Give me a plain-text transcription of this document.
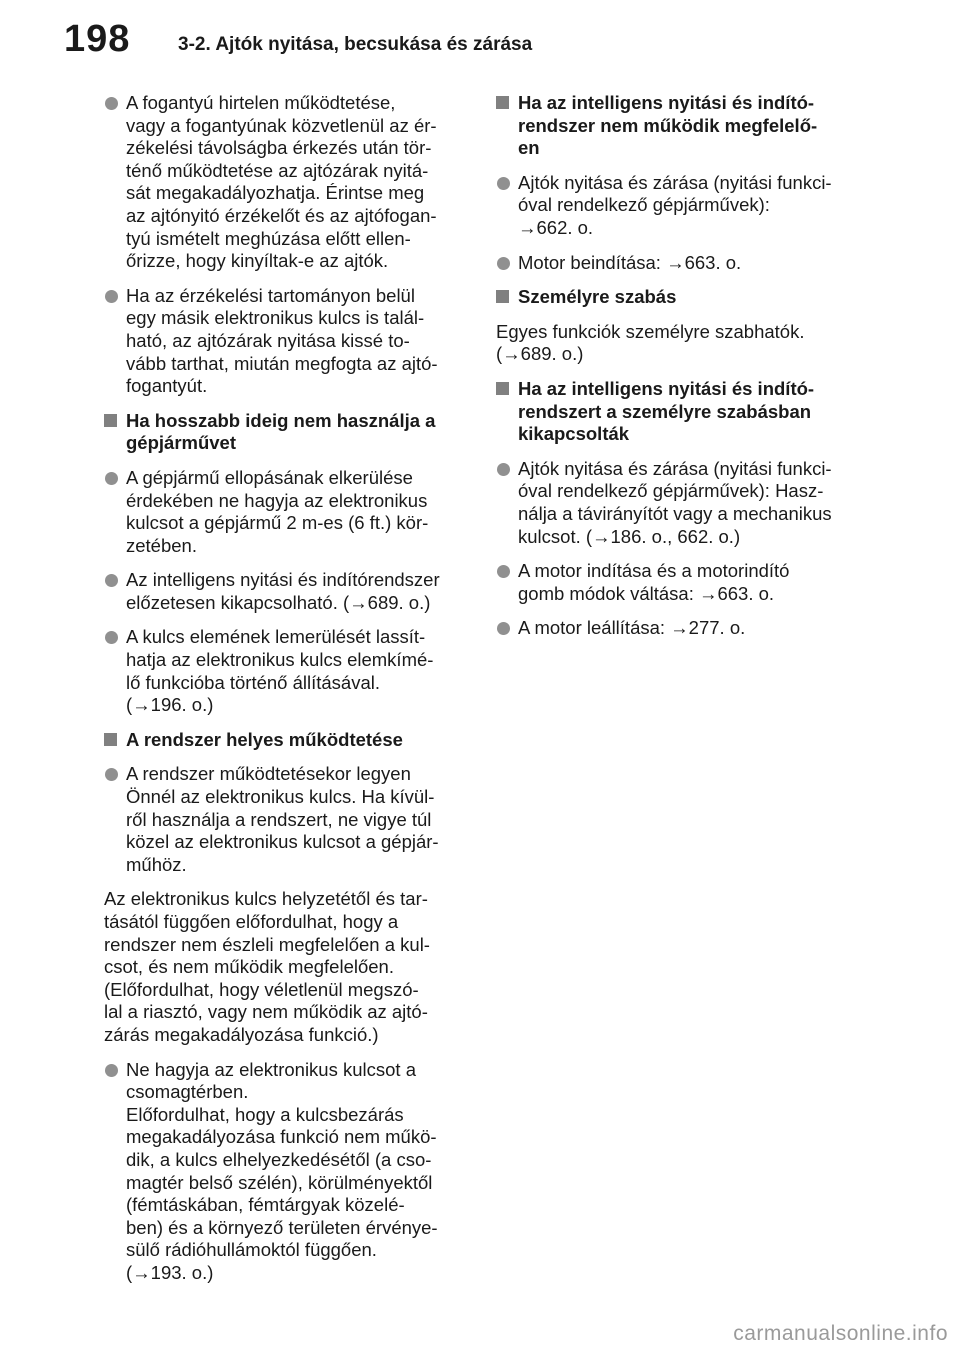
198	3-2. Ajtók nyitása, becsukása és zárása
A fogantyú hirtelen működtetése,
vagy a fogantyúnak közvetlenül az ér-
zékelési távolságba érkezés után tör-
ténő működtetése az ajtózárak nyitá-
sát megakadályozhatja. Érintse meg
az ajtónyitó érzékelőt és az ajtófogan-
tyú ismételt meghúzása előtt ellen-
őrizze, hogy kinyíltak-e az ajtók.
Ha az érzékelési tartományon belül
egy másik elektronikus kulcs is talál-
ható, az ajtózárak nyitása kissé to-
vább tarthat, miután megfogta az ajtó-
fogantyút.
Ha hosszabb ideig nem használja a
gépjárművet
A gépjármű ellopásának elkerülése
érdekében ne hagyja az elektronikus
kulcsot a gépjármű 2 m-es (6 ft.) kör-
zetében.
Az intelligens nyitási és indítórendszer
előzetesen kikapcsolható. (→689. o.)
A kulcs elemének lemerülését lassít-
hatja az elektronikus kulcs elemkímé-
lő funkcióba történő állításával.
(→196. o.)
A rendszer helyes működtetése
A rendszer működtetésekor legyen
Önnél az elektronikus kulcs. Ha kívül-
ről használja a rendszert, ne vigye túl
közel az elektronikus kulcsot a gépjár-
műhöz.
Az elektronikus kulcs helyzetétől és tar-
tásától függően előfordulhat, hogy a
rendszer nem észleli megfelelően a kul-
csot, és nem működik megfelelően.
(Előfordulhat, hogy véletlenül megszó-
lal a riasztó, vagy nem működik az ajtó-
zárás megakadályozása funkció.)
Ne hagyja az elektronikus kulcsot a
csomagtérben.
Előfordulhat, hogy a kulcsbezárás
megakadályozása funkció nem műkö-
dik, a kulcs elhelyezkedésétől (a cso-
magtér belső szélén), körülményektől
(fémtáskában, fémtárgyak közelé-
ben) és a környező területen érvénye-
sülő rádióhullámoktól függően.
(→193. o.)
Ha az intelligens nyitási és indító-
rendszer nem működik megfelelő-
en
Ajtók nyitása és zárása (nyitási funkci-
óval rendelkező gépjárművek):
→662. o.
Motor beindítása: →663. o.
Személyre szabás
Egyes funkciók személyre szabhatók.
(→689. o.)
Ha az intelligens nyitási és indító-
rendszert a személyre szabásban
kikapcsolták
Ajtók nyitása és zárása (nyitási funkci-
óval rendelkező gépjárművek): Hasz-
nálja a távirányítót vagy a mechanikus
kulcsot. (→186. o., 662. o.)
A motor indítása és a motorindító
gomb módok váltása: →663. o.
A motor leállítása: →277. o.
carmanualsonline.info
